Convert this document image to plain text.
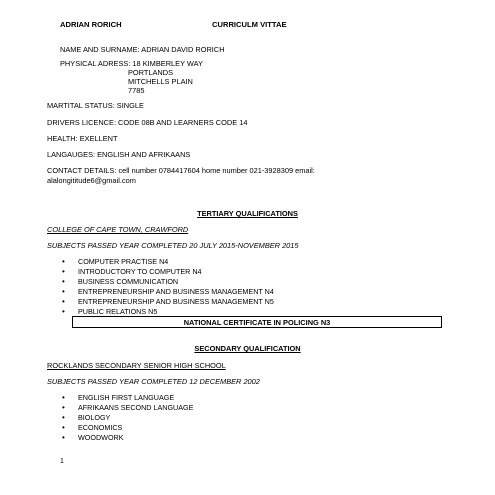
ADRIAN RORICH	CURRICULM VITTAE
NAME AND SURNAME: ADRIAN DAVID RORICH
PHYSICAL ADRESS: 18 KIMBERLEY WAY
PORTLANDS
MITCHELLS PLAIN
7785
MARTITAL STATUS: SINGLE
DRIVERS LICENCE: CODE 08B AND LEARNERS CODE 14
HEALTH: EXELLENT
LANGAUGES: ENGLISH AND AFRIKAANS
CONTACT DETAILS: cell number 0784417604 home number 021-3928309 email:
alalongititude6@gmail.com
TERTIARY QUALIFICATIONS
COLLEGE OF CAPE TOWN, CRAWFORD
SUBJECTS PASSED YEAR COMPLETED 20 JULY 2015-NOVEMBER 2015
• COMPUTER PRACTISE N4
• INTRODUCTORY TO COMPUTER N4
• BUSINESS COMMUNICATION
• ENTREPRENEURSHIP AND BUSINESS MANAGEMENT N4
• ENTREPRENEURSHIP AND BUSINESS MANAGEMENT N5
• PUBLIC RELATIONS N5
NATIONAL CERTIFICATE IN POLICING N3
SECONDARY QUALIFICATION
ROCKLANDS SECONDARY SENIOR HIGH SCHOOL
SUBJECTS PASSED YEAR COMPLETED 12 DECEMBER 2002
• ENGLISH FIRST LANGUAGE
• AFRIKAANS SECOND LANGUAGE
• BIOLOGY
• ECONOMICS
• WOODWORK
1
